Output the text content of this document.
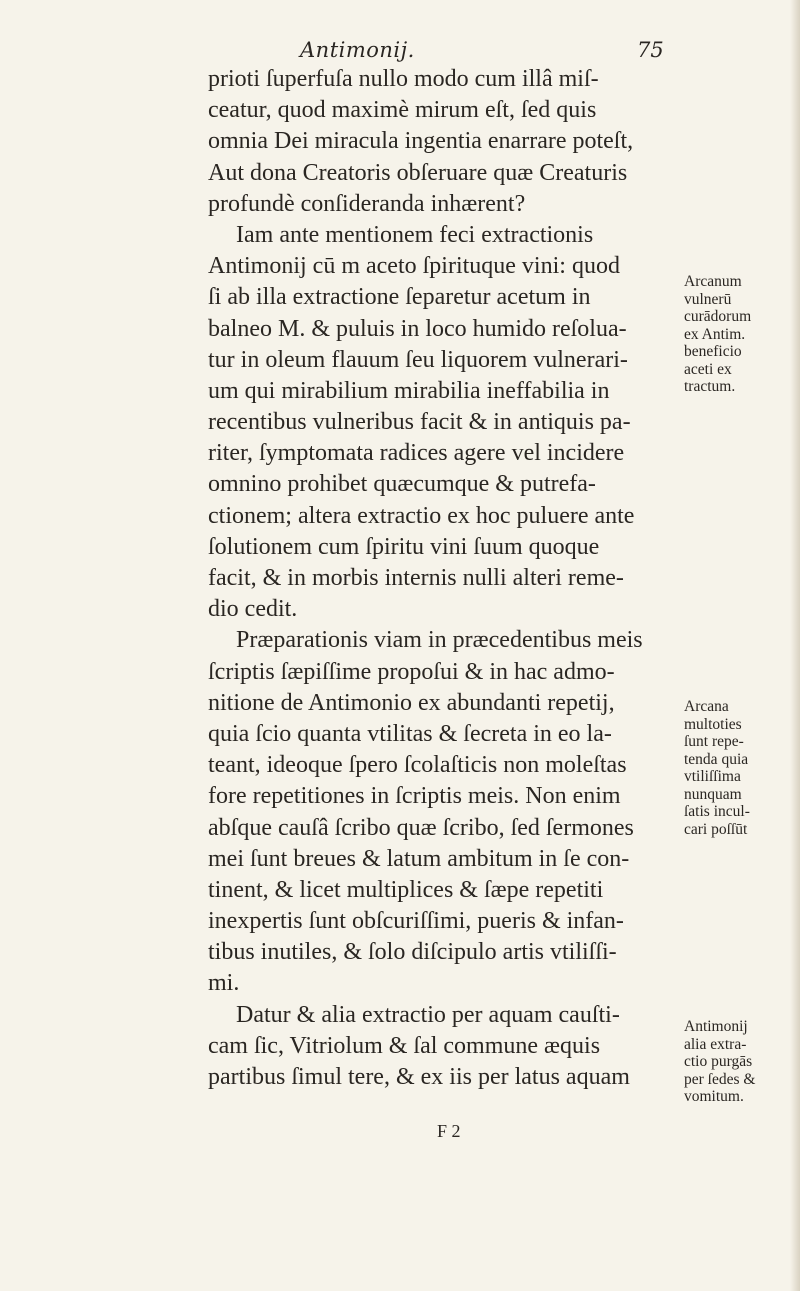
Antimonij.	75
prioti ſuperfuſa nullo modo cum illâ miſ-
ceatur, quod maximè mirum eſt, ſed quis
omnia Dei miracula ingentia enarrare poteſt,
Aut dona Creatoris obſeruare quæ Creaturis
profundè conſiderandа inhærent?
Iam ante mentionem feci extractionis
Antimonij cū m aceto ſpirituque vini: quod
ſi ab illa extractione ſeparetur acetum in
balneo M. & puluis in loco humido reſolua-
tur in oleum flauum ſeu liquorem vulnerari-
um qui mirabilium mirabilia ineffabilia in
recentibus vulneribus facit & in antiquis pa-
riter, ſymptomata radices agere vel incidere
omnino prohibet quæcumque & putrefa-
ctionem; altera extractio ex hoc puluere ante
ſolutionem cum ſpiritu vini ſuum quoque
facit, & in morbis internis nulli alteri reme-
dio cedit.
Præparationis viam in præcedentibus meis
ſcriptis ſæpiſſime propoſui & in hac admo-
nitione de Antimonio ex abundanti repetij,
quia ſcio quanta vtilitas & ſecreta in eo la-
teant, ideoque ſpero ſcolaſticis non moleſtas
fore repetitiones in ſcriptis meis. Non enim
abſque cauſâ ſcribo quæ ſcribo, ſed ſermones
mei ſunt breues & latum ambitum in ſe con-
tinent, & licet multiplices & ſæpe repetiti
inexpertis ſunt obſcuriſſimi, pueris & infan-
tibus inutiles, & ſolo diſcipulo artis vtiliſſi-
mi.
Datur & alia extractio per aquam cauſti-
cam ſic, Vitriolum & ſal commune æquis
partibus ſimul tere, & ex iis per latus aquam
Arcanum
vulnerū
curādorum
ex Antim.
beneficio
aceti ex
tractum.
Arcana
multoties
ſunt repe-
tenda quia
vtiliſſima
nunquam
ſatis incul-
cari poſſūt
Antimonij
alia extra-
ctio purgās
per ſedes &
vomitum.
F 2
